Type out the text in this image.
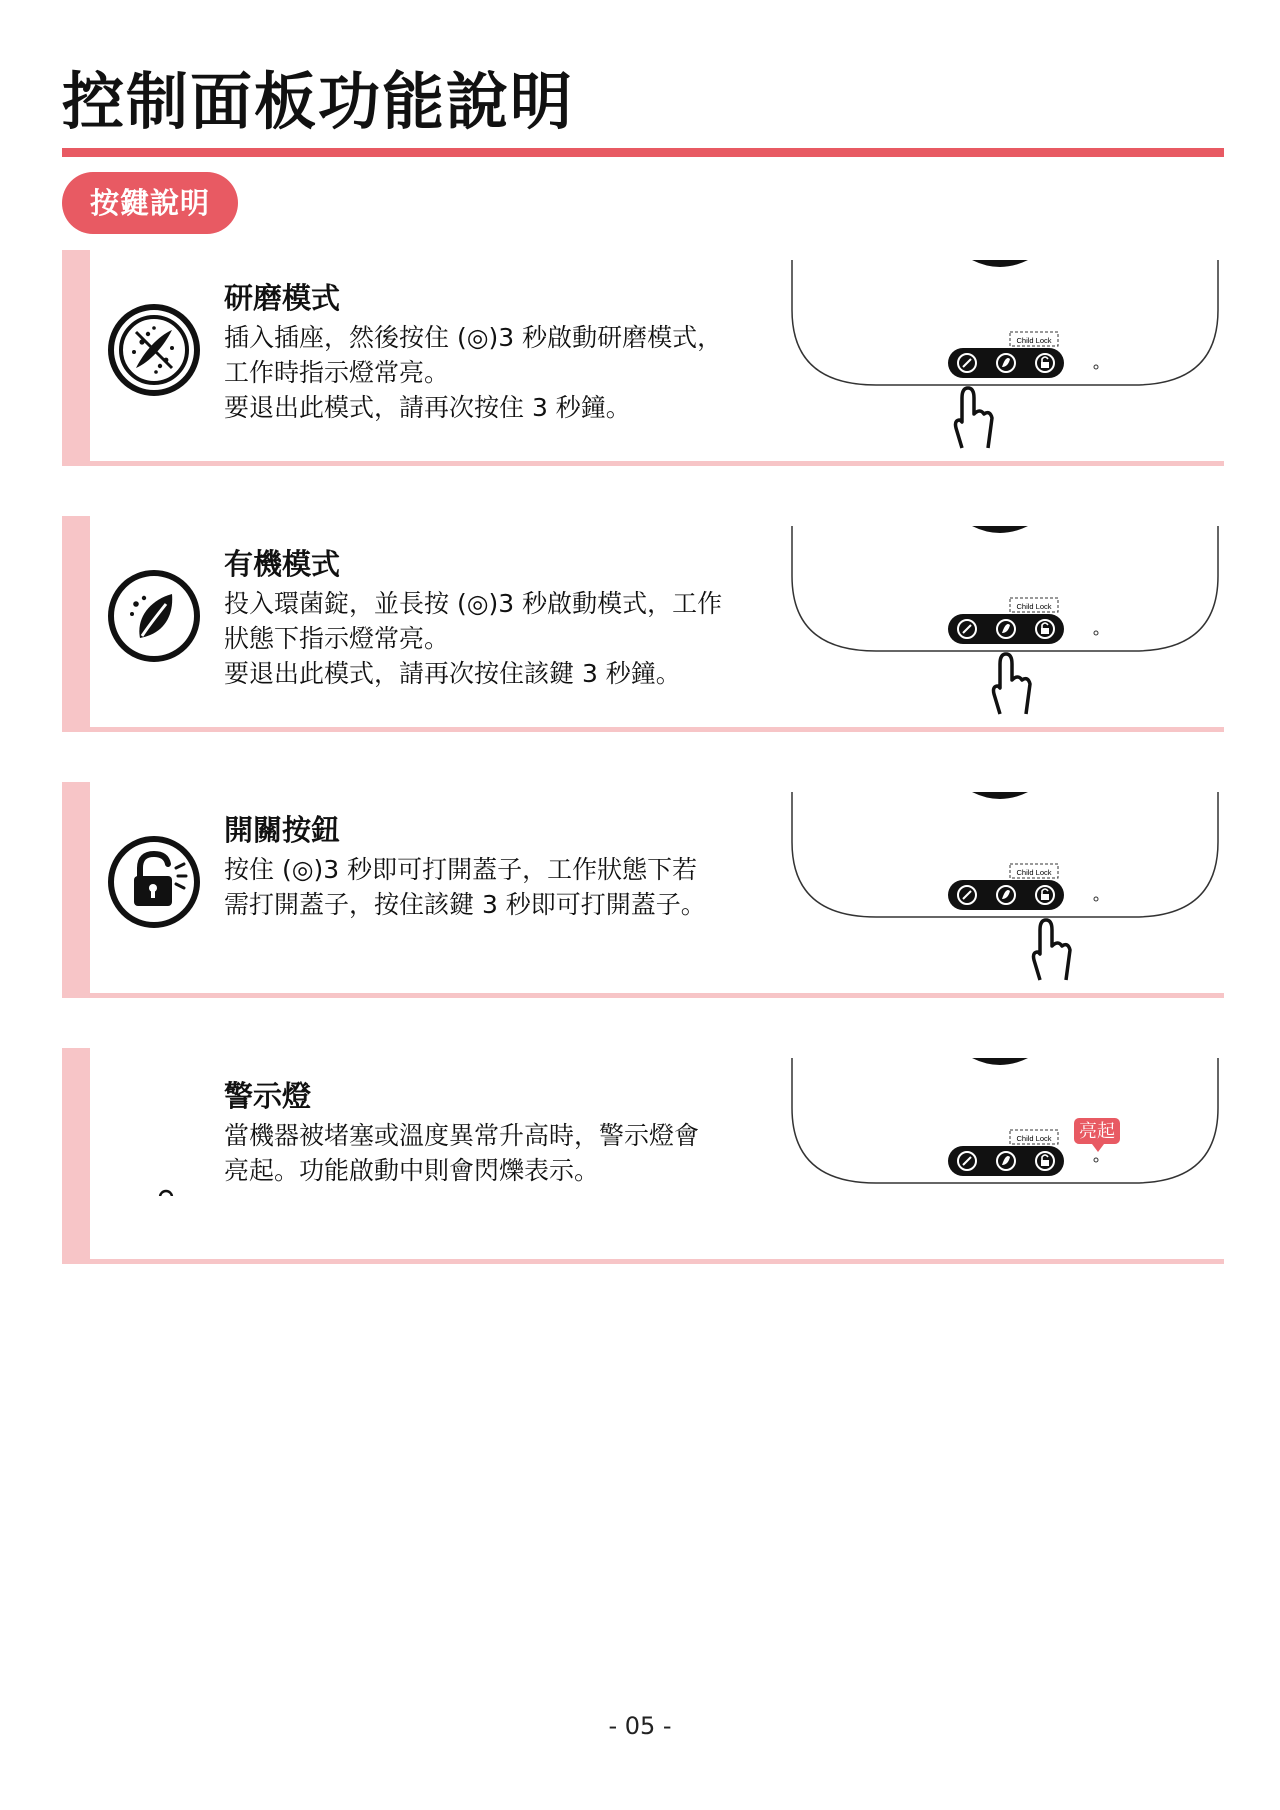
控制面板功能說明
按鍵說明
研磨模式

插入插座，然後按住 (◎)3 秒啟動研磨模式，
工作時指示燈常亮。
要退出此模式，請再次按住 3 秒鐘。

Child Lock
有機模式

投入環菌錠，並長按 (◎)3 秒啟動模式，工作
狀態下指示燈常亮。
要退出此模式，請再次按住該鍵 3 秒鐘。

Child Lock
開關按鈕

按住 (◎)3 秒即可打開蓋子，工作狀態下若
需打開蓋子，按住該鍵 3 秒即可打開蓋子。

Child Lock
警示燈

當機器被堵塞或溫度異常升高時，警示燈會
亮起。功能啟動中則會閃爍表示。

Child Lock 亮起
- 05 -
